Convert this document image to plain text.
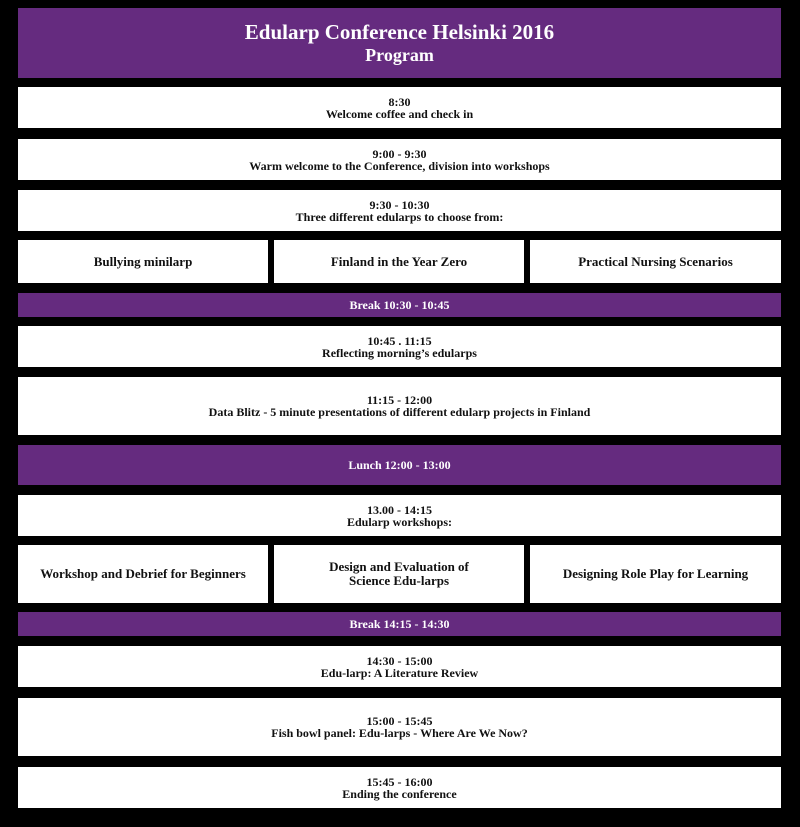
Edularp Conference Helsinki 2016
Program
8:30
Welcome coffee and check in
9:00 - 9:30
Warm welcome to the Conference, division into workshops
9:30 - 10:30
Three different edularps to choose from:
Bullying minilarp	Finland in the Year Zero	Practical Nursing Scenarios
Break 10:30 - 10:45
10:45 . 11:15
Reflecting morning’s edularps
11:15 - 12:00
Data Blitz - 5 minute presentations of different edularp projects in Finland
Lunch 12:00 - 13:00
13.00 - 14:15
Edularp workshops:
Workshop and Debrief for Beginners	Design and Evaluation of
Science Edu-larps	Designing Role Play for Learning
Break 14:15 - 14:30
14:30 - 15:00
Edu-larp: A Literature Review
15:00 - 15:45
Fish bowl panel: Edu-larps - Where Are We Now?
15:45 - 16:00
Ending the conference
